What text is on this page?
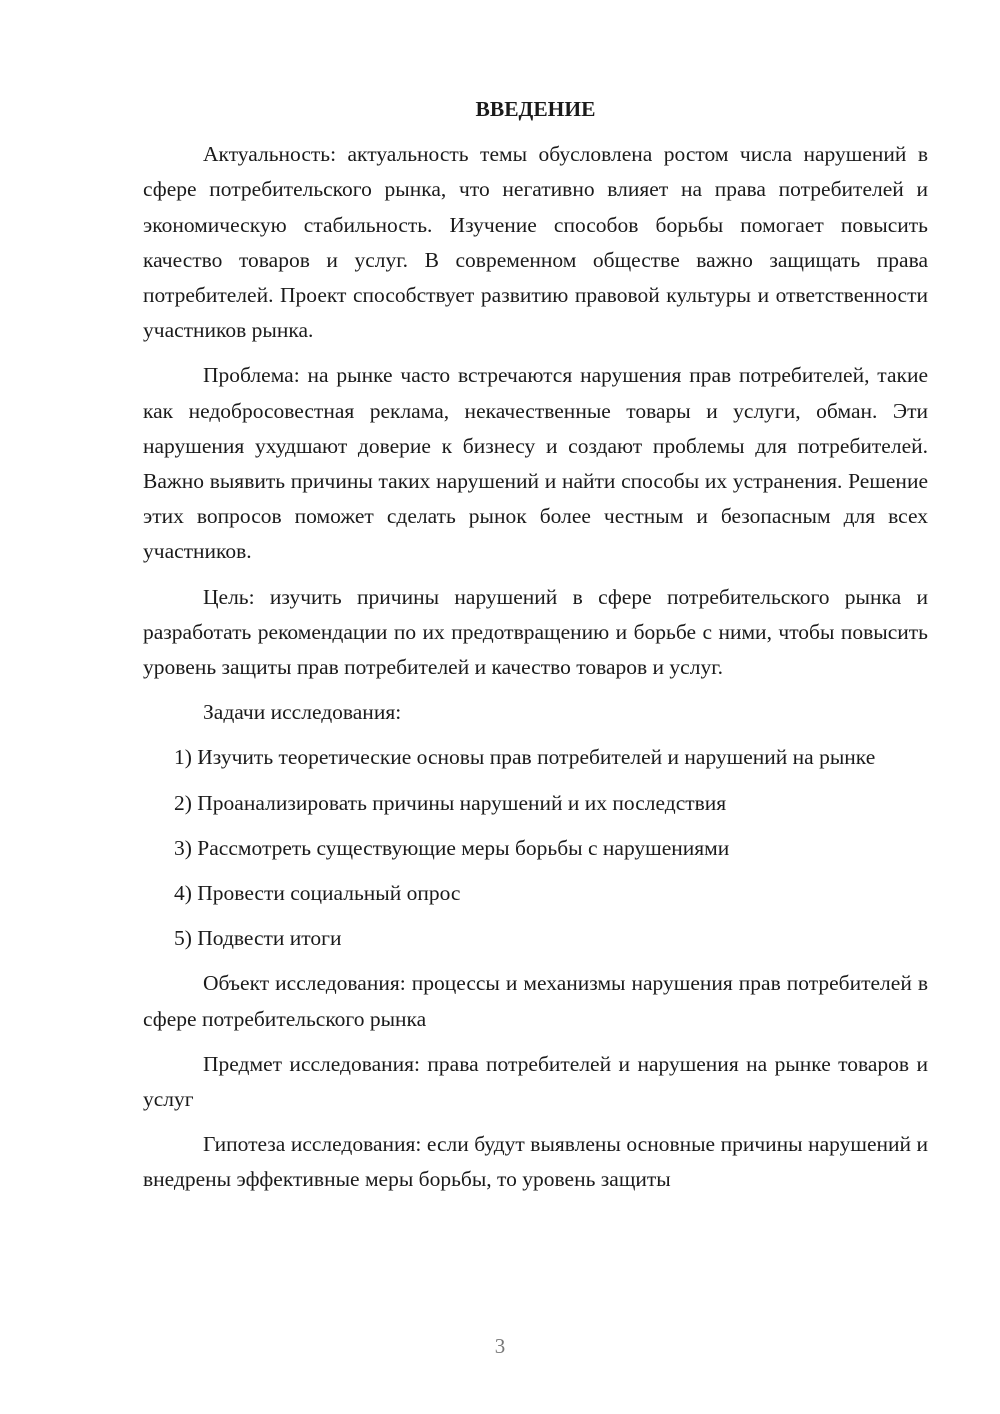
ВВЕДЕНИЕ

Актуальность: актуальность темы обусловлена ростом числа нарушений в сфере потребительского рынка, что негативно влияет на права потребителей и экономическую стабильность. Изучение способов борьбы помогает повысить качество товаров и услуг. В современном обществе важно защищать права потребителей. Проект способствует развитию правовой культуры и ответственности участников рынка.

Проблема: на рынке часто встречаются нарушения прав потребителей, такие как недобросовестная реклама, некачественные товары и услуги, обман. Эти нарушения ухудшают доверие к бизнесу и создают проблемы для потребителей. Важно выявить причины таких нарушений и найти способы их устранения. Решение этих вопросов поможет сделать рынок более честным и безопасным для всех участников.

Цель: изучить причины нарушений в сфере потребительского рынка и разработать рекомендации по их предотвращению и борьбе с ними, чтобы повысить уровень защиты прав потребителей и качество товаров и услуг.

Задачи исследования:

1) Изучить теоретические основы прав потребителей и нарушений на рынке

2) Проанализировать причины нарушений и их последствия

3) Рассмотреть существующие меры борьбы с нарушениями

4) Провести социальный опрос

5) Подвести итоги

Объект исследования: процессы и механизмы нарушения прав потребителей в сфере потребительского рынка

Предмет исследования: права потребителей и нарушения на рынке товаров и услуг

Гипотеза исследования: если будут выявлены основные причины нарушений и внедрены эффективные меры борьбы, то уровень защиты

3
